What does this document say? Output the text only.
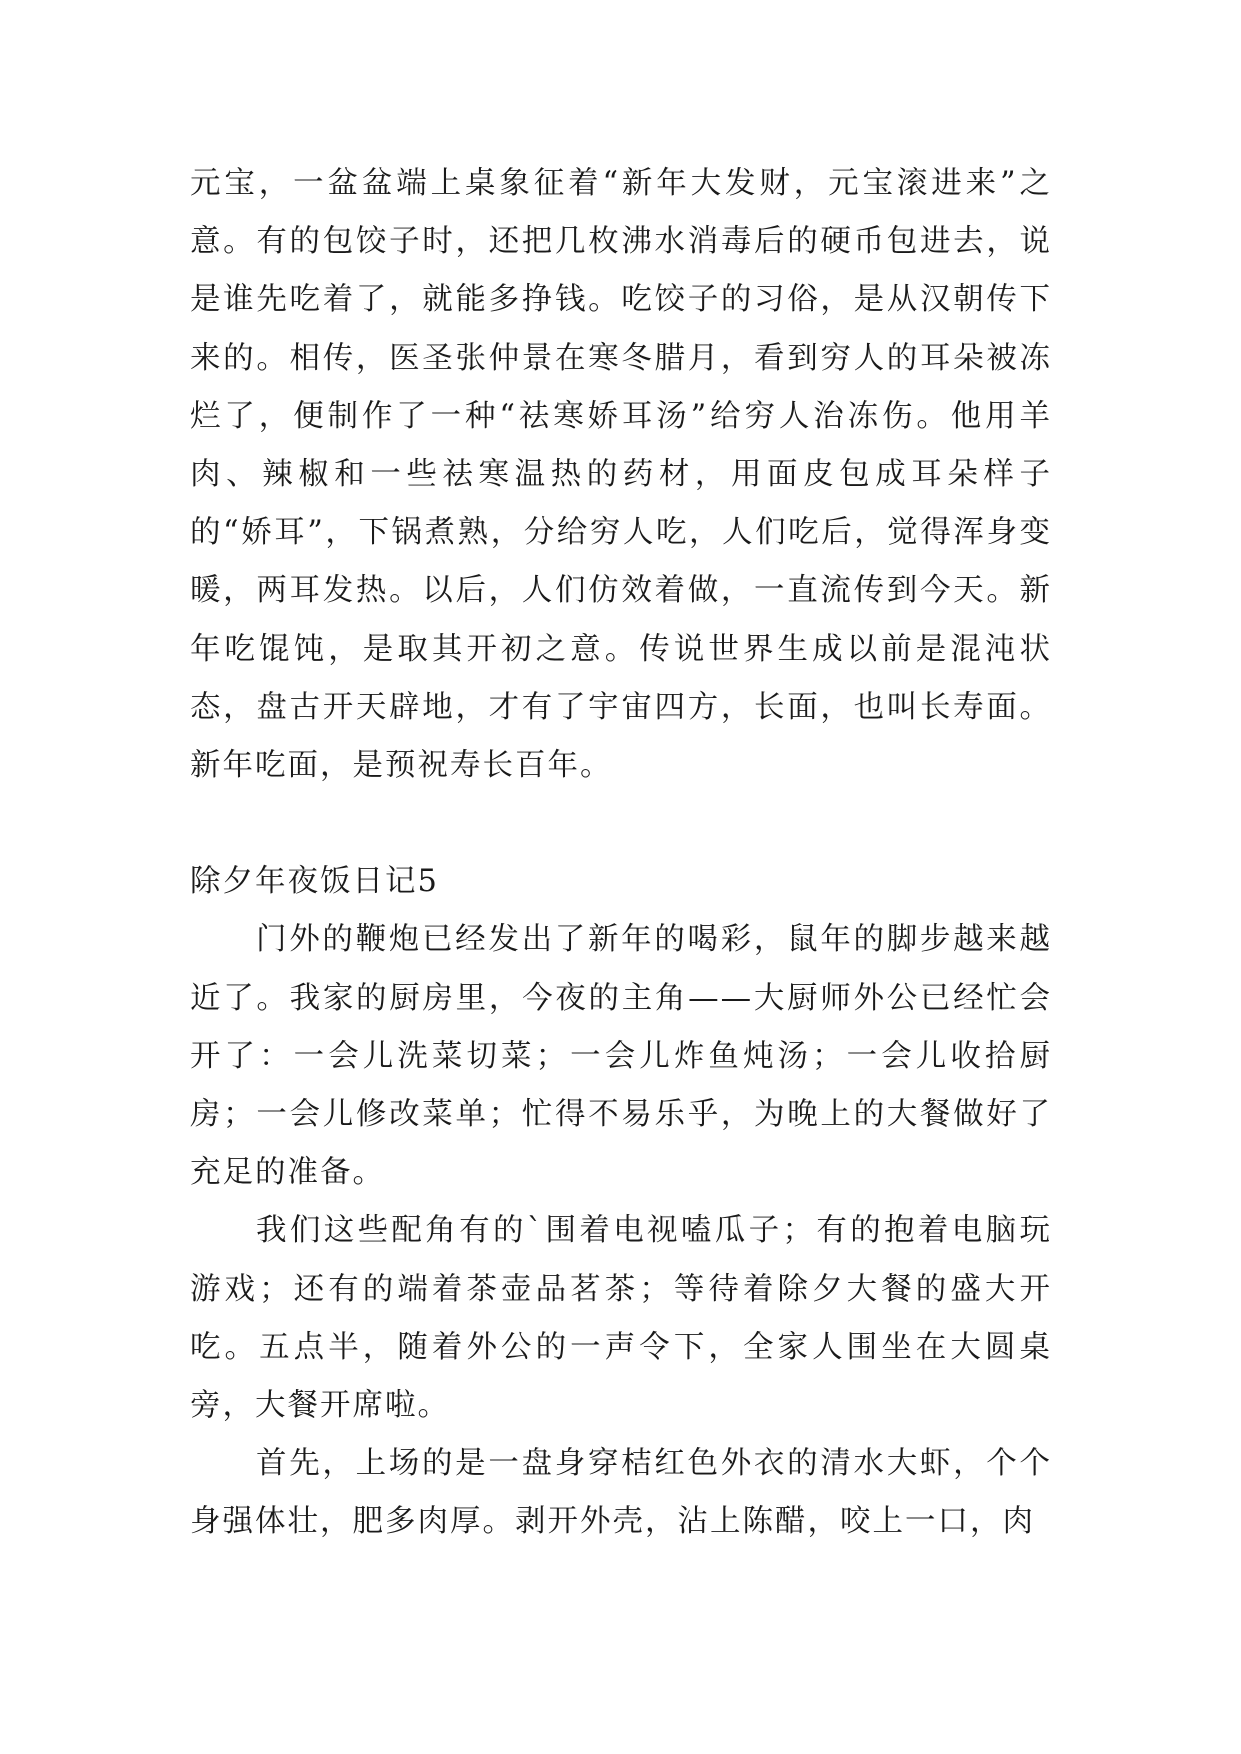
元宝，一盆盆端上桌象征着“新年大发财，元宝滚进来”之意。有的包饺子时，还把几枚沸水消毒后的硬币包进去，说是谁先吃着了，就能多挣钱。吃饺子的习俗，是从汉朝传下来的。相传，医圣张仲景在寒冬腊月，看到穷人的耳朵被冻烂了，便制作了一种“祛寒娇耳汤”给穷人治冻伤。他用羊肉、辣椒和一些祛寒温热的药材，用面皮包成耳朵样子的“娇耳”，下锅煮熟，分给穷人吃，人们吃后，觉得浑身变暖，两耳发热。以后，人们仿效着做，一直流传到今天。新年吃馄饨，是取其开初之意。传说世界生成以前是混沌状态，盘古开天辟地，才有了宇宙四方，长面，也叫长寿面。新年吃面，是预祝寿长百年。

除夕年夜饭日记5

门外的鞭炮已经发出了新年的喝彩，鼠年的脚步越来越近了。我家的厨房里，今夜的主角——大厨师外公已经忙会开了：一会儿洗菜切菜；一会儿炸鱼炖汤；一会儿收拾厨房；一会儿修改菜单；忙得不易乐乎，为晚上的大餐做好了充足的准备。

我们这些配角有的`围着电视嗑瓜子；有的抱着电脑玩游戏；还有的端着茶壶品茗茶；等待着除夕大餐的盛大开吃。五点半，随着外公的一声令下，全家人围坐在大圆桌旁，大餐开席啦。

首先，上场的是一盘身穿桔红色外衣的清水大虾，个个身强体壮，肥多肉厚。剥开外壳，沾上陈醋，咬上一口，肉
